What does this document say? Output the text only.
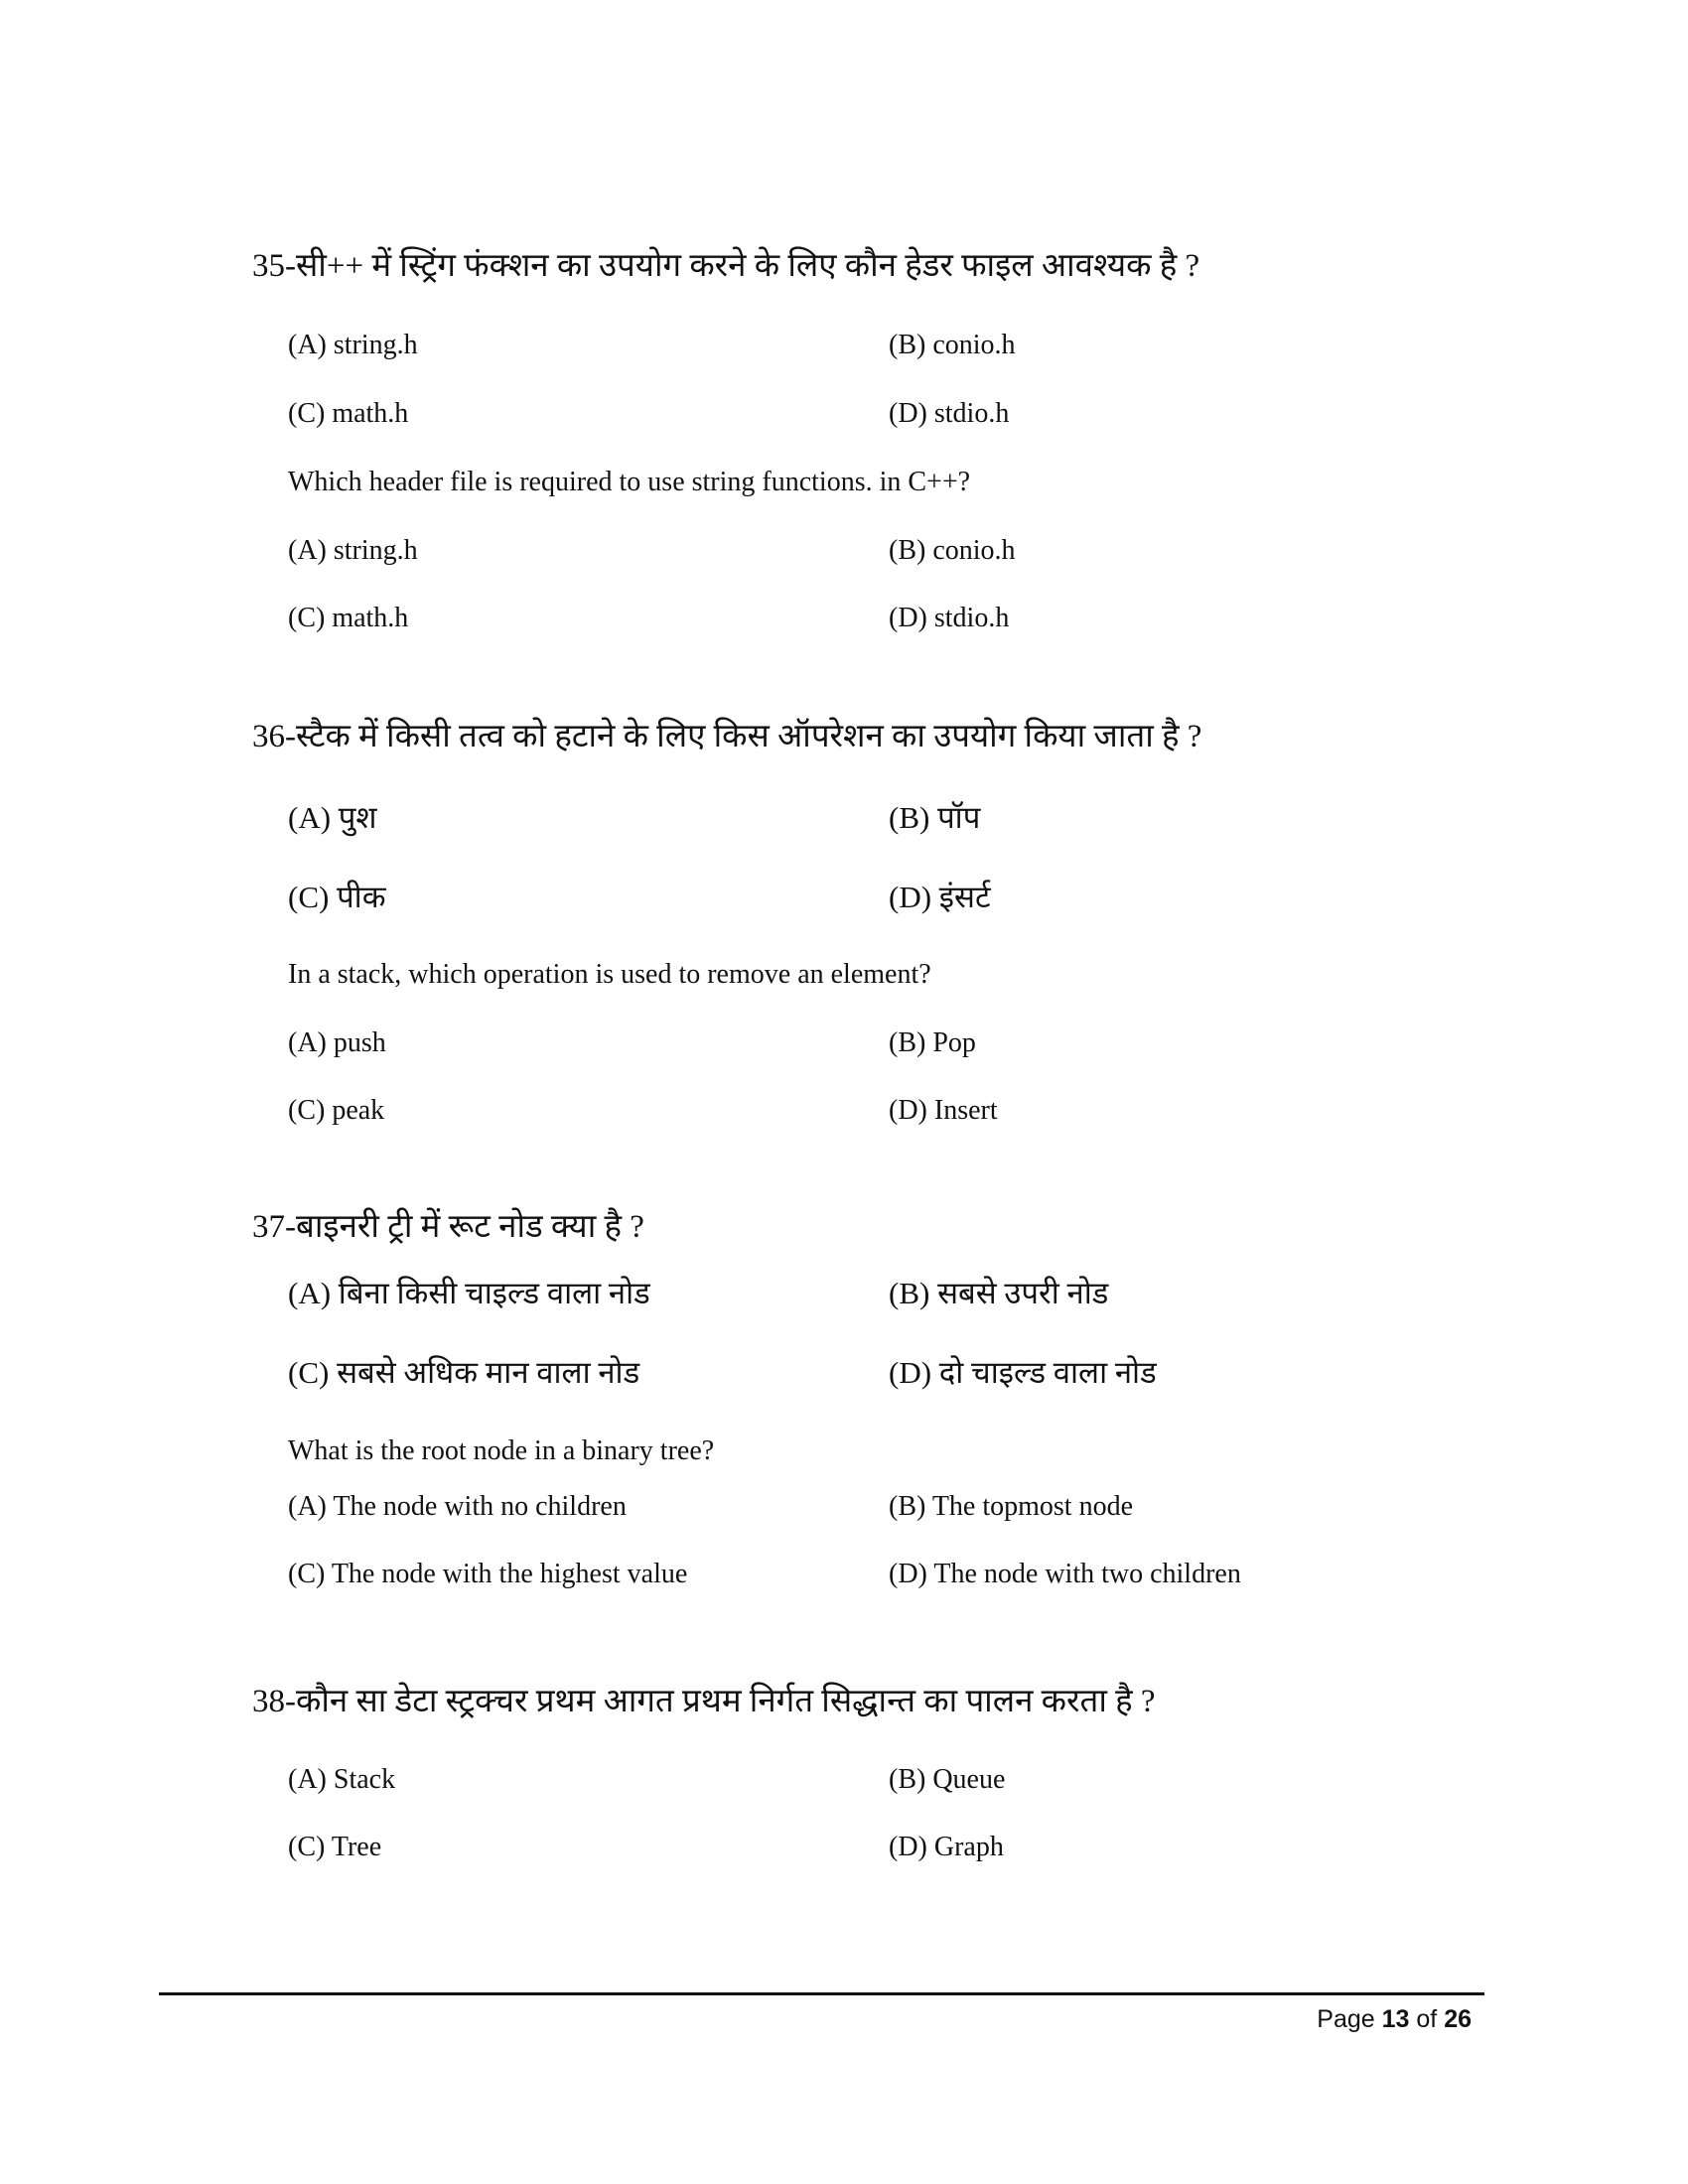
35-सी++ में स्ट्रिंग फंक्शन का उपयोग करने के लिए कौन हेडर फाइल आवश्यक है ?
(A) string.h	(B) conio.h
(C) math.h	(D) stdio.h
Which header file is required to use string functions. in C++?
(A) string.h	(B) conio.h
(C) math.h	(D) stdio.h
36-स्टैक में किसी तत्व को हटाने के लिए किस ऑपरेशन का उपयोग किया जाता है ?
(A) पुश	(B) पॉप
(C) पीक	(D) इंसर्ट
In a stack, which operation is used to remove an element?
(A) push	(B) Pop
(C) peak	(D) Insert
37-बाइनरी ट्री में रूट नोड क्या है ?
(A) बिना किसी चाइल्ड वाला नोड	(B) सबसे उपरी नोड
(C) सबसे अधिक मान वाला नोड	(D) दो चाइल्ड वाला नोड
What is the root node in a binary tree?
(A) The node with no children	(B) The topmost node
(C) The node with the highest value	(D) The node with two children
38-कौन सा डेटा स्ट्रक्चर प्रथम आगत प्रथम निर्गत सिद्धान्त का पालन करता है ?
(A) Stack	(B) Queue
(C) Tree	(D) Graph
Page 13 of 26
